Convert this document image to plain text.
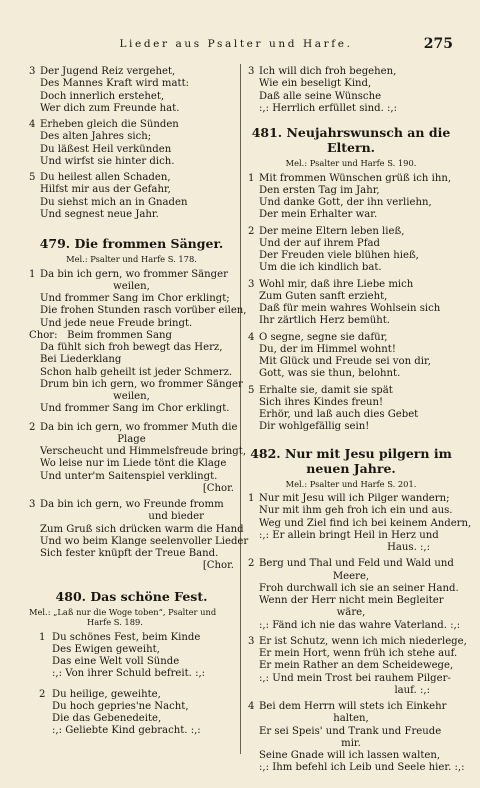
Lieder aus Psalter und Harfe.	275
3 Der Jugend Reiz vergehet,
Des Mannes Kraft wird matt:
Doch innerlich erstehet,
Wer dich zum Freunde hat.
4 Erheben gleich die Sünden
Des alten Jahres sich;
Du läßest Heil verkünden
Und wirfst sie hinter dich.
5 Du heilest allen Schaden,
Hilfst mir aus der Gefahr,
Du siehst mich an in Gnaden
Und segnest neue Jahr.
479. Die frommen Sänger.
Mel.: Psalter und Harfe S. 178.
1 Da bin ich gern, wo frommer Sänger
weilen,
Und frommer Sang im Chor erklingt;
Die frohen Stunden rasch vorüber eilen,
Und jede neue Freude bringt.
Chor: Beim frommen Sang
Da fühlt sich froh bewegt das Herz,
Bei Liederklang
Schon halb geheilt ist jeder Schmerz.
Drum bin ich gern, wo frommer Sänger
weilen,
Und frommer Sang im Chor erklingt.
2 Da bin ich gern, wo frommer Muth die
Plage
Verscheucht und Himmelsfreude bringt,
Wo leise nur im Liede tönt die Klage
Und unter'm Saitenspiel verklingt.
[Chor.
3 Da bin ich gern, wo Freunde fromm
und bieder
Zum Gruß sich drücken warm die Hand
Und wo beim Klange seelenvoller Lieder
Sich fester knüpft der Treue Band.
[Chor.
480. Das schöne Fest.
Mel.: „Laß nur die Woge toben“, Psalter und
Harfe S. 189.
1 Du schönes Fest, beim Kinde
Des Ewigen geweiht,
Das eine Welt voll Sünde
:,: Von ihrer Schuld befreit. :,:
2 Du heilige, geweihte,
Du hoch gepries'ne Nacht,
Die das Gebenedeite,
:,: Geliebte Kind gebracht. :,:
3 Ich will dich froh begehen,
Wie ein beseligt Kind,
Daß alle seine Wünsche
:,: Herrlich erfüllet sind. :,:
481. Neujahrswunsch an die
Eltern.
Mel.: Psalter und Harfe S. 190.
1 Mit frommen Wünschen grüß ich ihn,
Den ersten Tag im Jahr,
Und danke Gott, der ihn verliehn,
Der mein Erhalter war.
2 Der meine Eltern leben ließ,
Und der auf ihrem Pfad
Der Freuden viele blühen hieß,
Um die ich kindlich bat.
3 Wohl mir, daß ihre Liebe mich
Zum Guten sanft erzieht,
Daß für mein wahres Wohlsein sich
Ihr zärtlich Herz bemüht.
4 O segne, segne sie dafür,
Du, der im Himmel wohnt!
Mit Glück und Freude sei von dir,
Gott, was sie thun, belohnt.
5 Erhalte sie, damit sie spät
Sich ihres Kindes freun!
Erhör, und laß auch dies Gebet
Dir wohlgefällig sein!
482. Nur mit Jesu pilgern im
neuen Jahre.
Mel.: Psalter und Harfe S. 201.
1 Nur mit Jesu will ich Pilger wandern;
Nur mit ihm geh froh ich ein und aus.
Weg und Ziel find ich bei keinem Andern,
:,: Er allein bringt Heil in Herz und
Haus. :,:
2 Berg und Thal und Feld und Wald und
Meere,
Froh durchwall ich sie an seiner Hand.
Wenn der Herr nicht mein Begleiter
wäre,
:,: Fänd ich nie das wahre Vaterland. :,:
3 Er ist Schutz, wenn ich mich niederlege,
Er mein Hort, wenn früh ich stehe auf.
Er mein Rather an dem Scheidewege,
:,: Und mein Trost bei rauhem Pilger-
lauf. :,:
4 Bei dem Herrn will stets ich Einkehr
halten,
Er sei Speis' und Trank und Freude
mir.
Seine Gnade will ich lassen walten,
:,: Ihm befehl ich Leib und Seele hier. :,:
